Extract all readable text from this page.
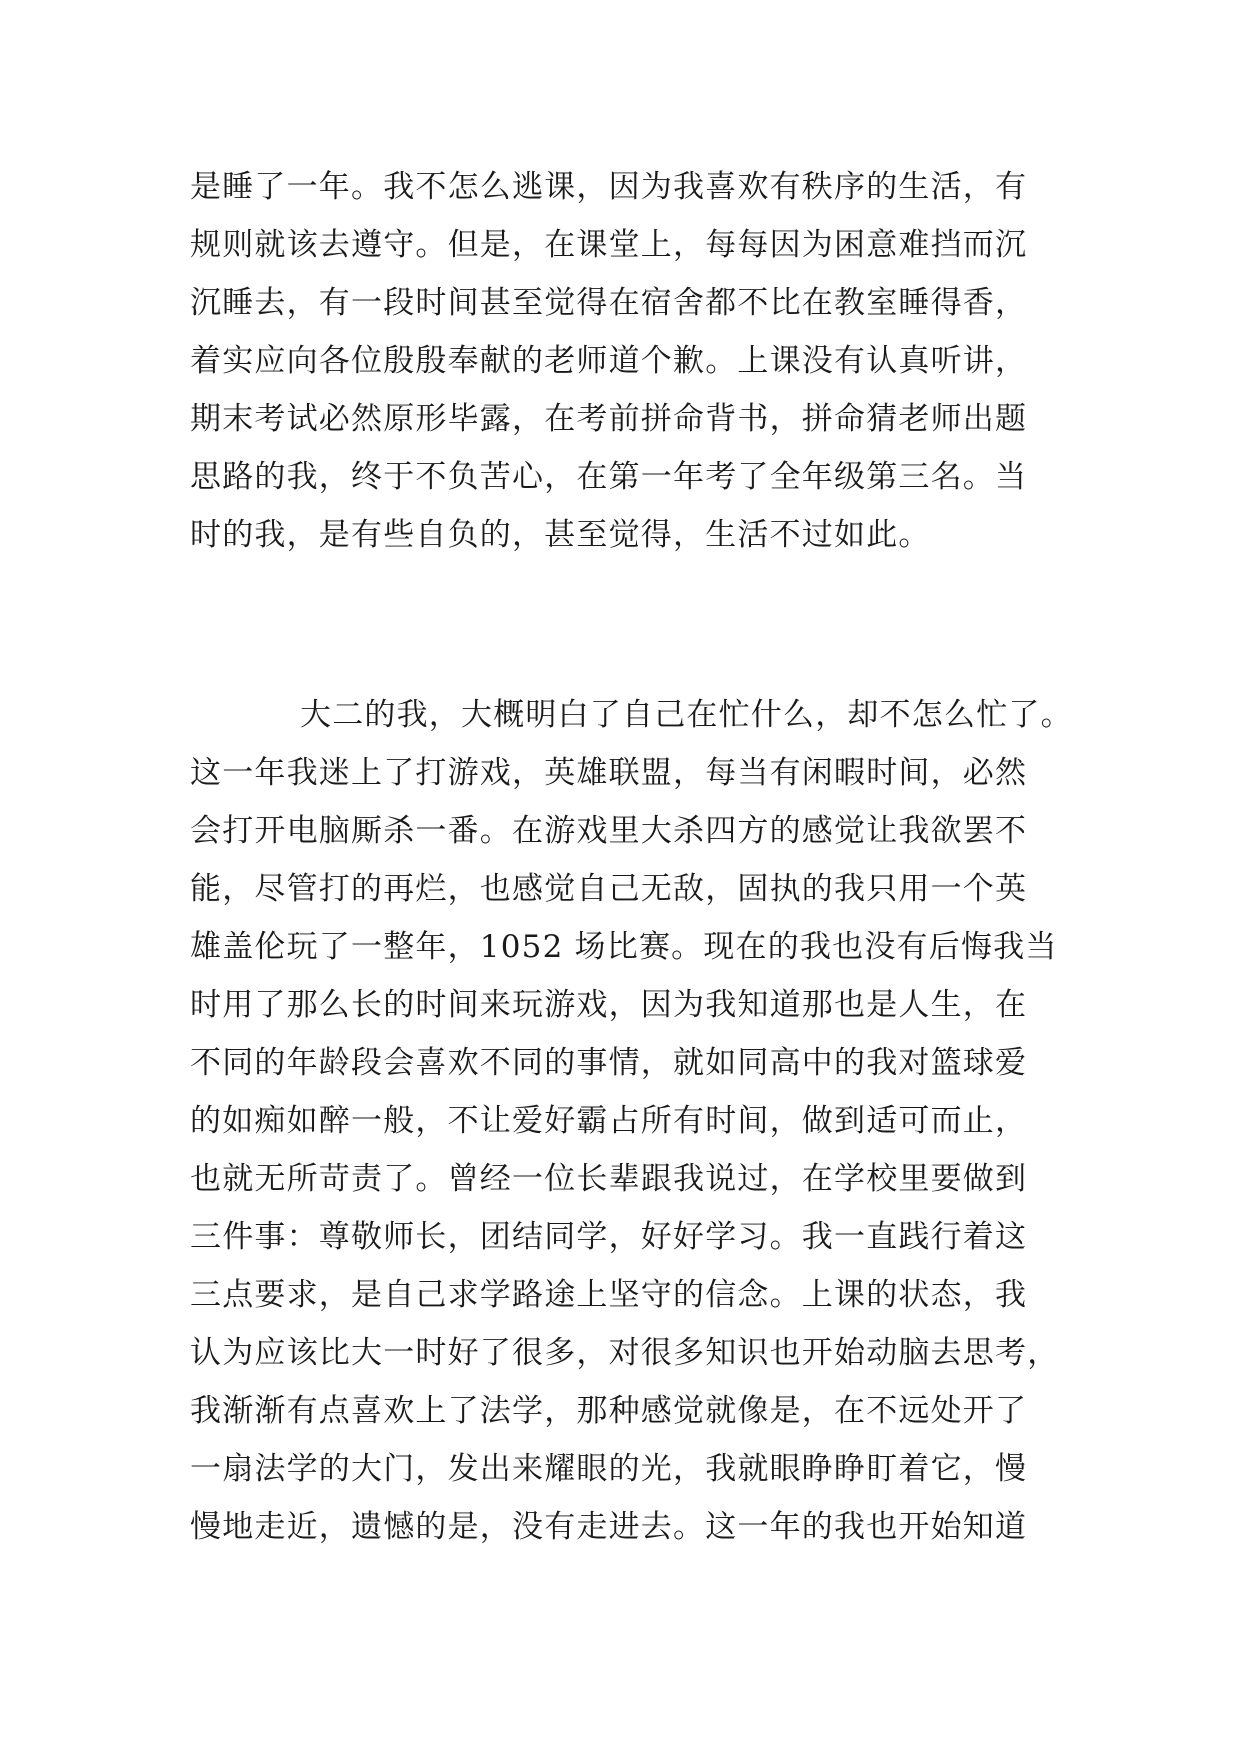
是睡了一年。我不怎么逃课，因为我喜欢有秩序的生活，有
规则就该去遵守。但是，在课堂上，每每因为困意难挡而沉
沉睡去，有一段时间甚至觉得在宿舍都不比在教室睡得香，
着实应向各位殷殷奉献的老师道个歉。上课没有认真听讲，
期末考试必然原形毕露，在考前拼命背书，拼命猜老师出题
思路的我，终于不负苦心，在第一年考了全年级第三名。当
时的我，是有些自负的，甚至觉得，生活不过如此。
大二的我，大概明白了自己在忙什么，却不怎么忙了。
这一年我迷上了打游戏，英雄联盟，每当有闲暇时间，必然
会打开电脑厮杀一番。在游戏里大杀四方的感觉让我欲罢不
能，尽管打的再烂，也感觉自己无敌，固执的我只用一个英
雄盖伦玩了一整年，1052 场比赛。现在的我也没有后悔我当
时用了那么长的时间来玩游戏，因为我知道那也是人生，在
不同的年龄段会喜欢不同的事情，就如同高中的我对篮球爱
的如痴如醉一般，不让爱好霸占所有时间，做到适可而止，
也就无所苛责了。曾经一位长辈跟我说过，在学校里要做到
三件事：尊敬师长，团结同学，好好学习。我一直践行着这
三点要求，是自己求学路途上坚守的信念。上课的状态，我
认为应该比大一时好了很多，对很多知识也开始动脑去思考，
我渐渐有点喜欢上了法学，那种感觉就像是，在不远处开了
一扇法学的大门，发出来耀眼的光，我就眼睁睁盯着它，慢
慢地走近，遗憾的是，没有走进去。这一年的我也开始知道
